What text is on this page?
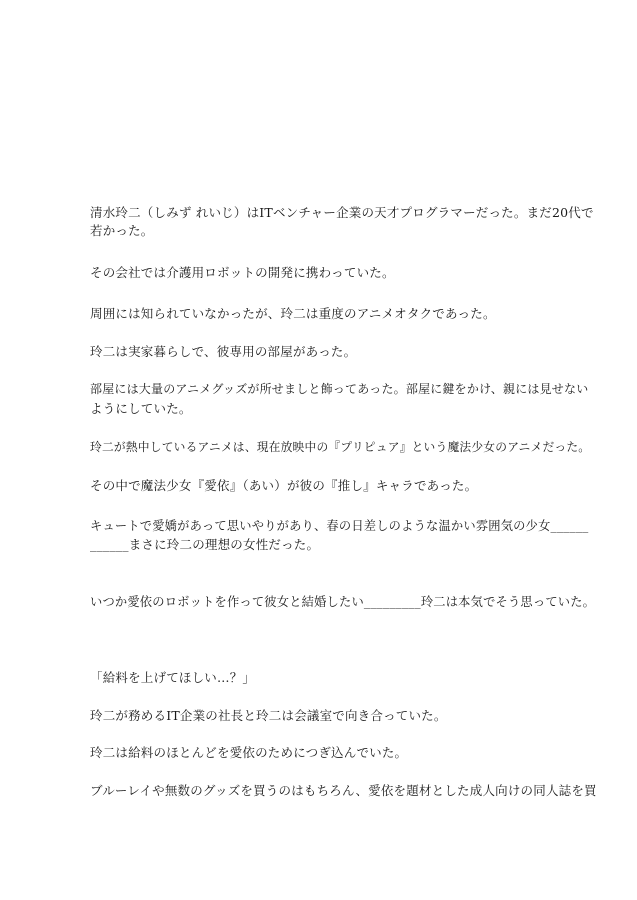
清水玲二（しみず れいじ）はITベンチャー企業の天才プログラマーだった。まだ20代で
若かった。
その会社では介護用ロボットの開発に携わっていた。
周囲には知られていなかったが、玲二は重度のアニメオタクであった。
玲二は実家暮らしで、彼専用の部屋があった。
部屋には大量のアニメグッズが所せましと飾ってあった。部屋に鍵をかけ、親には見せない
ようにしていた。
玲二が熱中しているアニメは、現在放映中の『プリピュア』という魔法少女のアニメだった。
その中で魔法少女『愛依』（あい）が彼の『推し』キャラであった。
キュートで愛嬌があって思いやりがあり、春の日差しのような温かい雰囲気の少女______
______まさに玲二の理想の女性だった。
いつか愛依のロボットを作って彼女と結婚したい_________玲二は本気でそう思っていた。
「給料を上げてほしい…？」
玲二が務めるIT企業の社長と玲二は会議室で向き合っていた。
玲二は給料のほとんどを愛依のためにつぎ込んでいた。
ブルーレイや無数のグッズを買うのはもちろん、愛依を題材とした成人向けの同人誌を買
